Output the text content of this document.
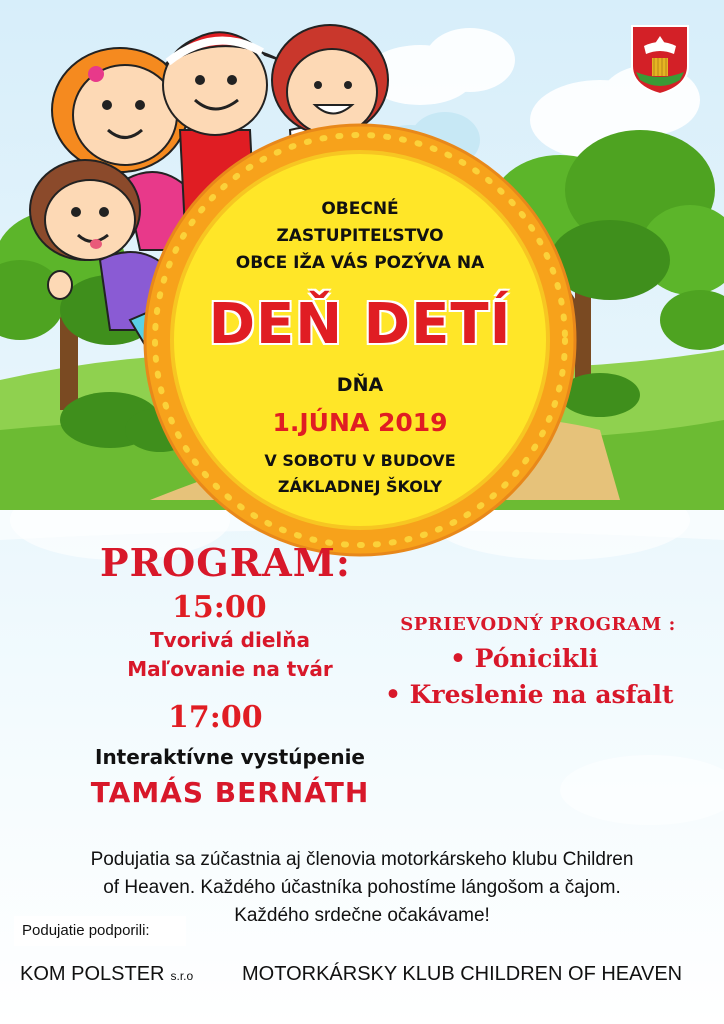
OBECNÉ
ZASTUPITEĽSTVO
OBCE IŽA VÁS POZÝVA NA
DEŇ DETÍ
DŇA
1.JÚNA 2019
V SOBOTU V BUDOVE
ZÁKLADNEJ ŠKOLY
PROGRAM:
15:00
Tvorivá dielňa
Maľovanie na tvár
17:00
Interaktívne vystúpenie
TAMÁS BERNÁTH
SPRIEVODNÝ PROGRAM :
• Pónicikli
• Kreslenie na asfalt
Podujatia sa zúčastnia aj členovia motorkárskeho klubu Children
of Heaven. Každého účastníka pohostíme lángošom a čajom.
Každého srdečne očakávame!
Podujatie podporili:
KOM POLSTER s.r.o MOTORKÁRSKY KLUB CHILDREN OF HEAVEN
